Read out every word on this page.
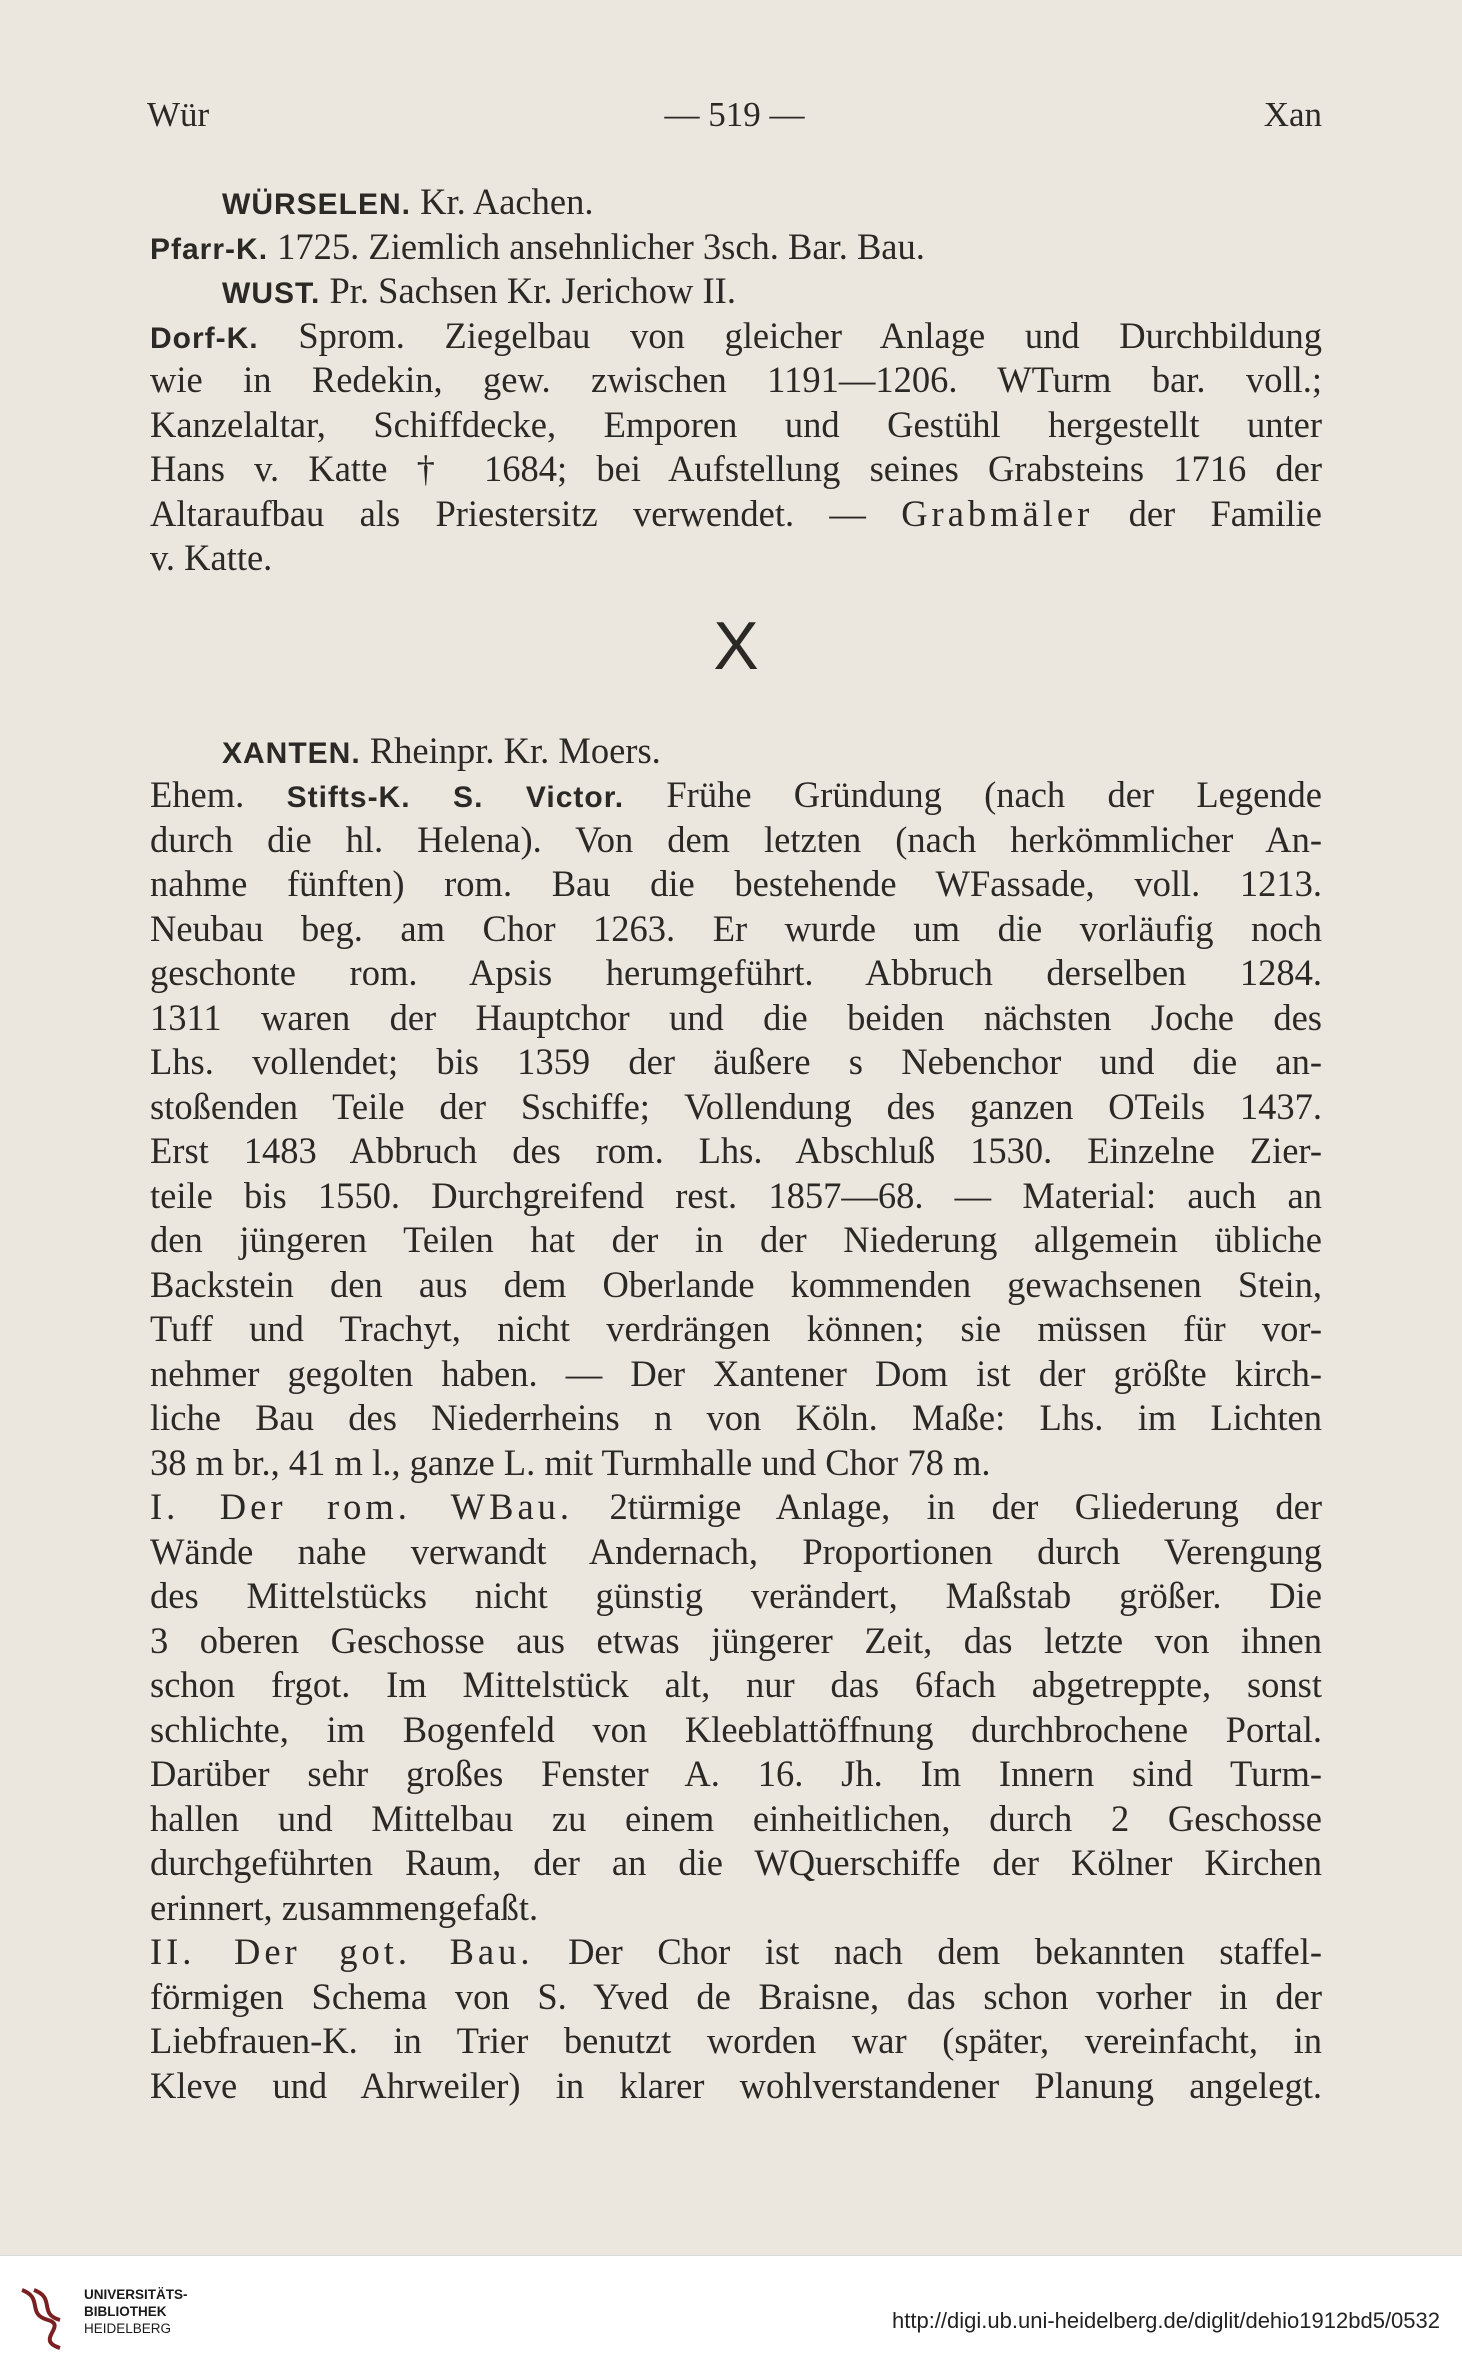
Wür	— 519 —	Xan
WÜRSELEN. Kr. Aachen.
Pfarr-K. 1725. Ziemlich ansehnlicher 3sch. Bar. Bau.
WUST. Pr. Sachsen Kr. Jerichow II.
Dorf-K. Sprom. Ziegelbau von gleicher Anlage und Durchbildung
wie in Redekin, gew. zwischen 1191—1206. WTurm bar. voll.;
Kanzelaltar, Schiffdecke, Emporen und Gestühl hergestellt unter
Hans v. Katte † 1684; bei Aufstellung seines Grabsteins 1716 der
Altaraufbau als Priestersitz verwendet. — Grabmäler der Familie
v. Katte.
X
XANTEN. Rheinpr. Kr. Moers.
Ehem. Stifts-K. S. Victor. Frühe Gründung (nach der Legende
durch die hl. Helena). Von dem letzten (nach herkömmlicher An-
nahme fünften) rom. Bau die bestehende WFassade, voll. 1213.
Neubau beg. am Chor 1263. Er wurde um die vorläufig noch
geschonte rom. Apsis herumgeführt. Abbruch derselben 1284.
1311 waren der Hauptchor und die beiden nächsten Joche des
Lhs. vollendet; bis 1359 der äußere s Nebenchor und die an-
stoßenden Teile der Sschiffe; Vollendung des ganzen OTeils 1437.
Erst 1483 Abbruch des rom. Lhs. Abschluß 1530. Einzelne Zier-
teile bis 1550. Durchgreifend rest. 1857—68. — Material: auch an
den jüngeren Teilen hat der in der Niederung allgemein übliche
Backstein den aus dem Oberlande kommenden gewachsenen Stein,
Tuff und Trachyt, nicht verdrängen können; sie müssen für vor-
nehmer gegolten haben. — Der Xantener Dom ist der größte kirch-
liche Bau des Niederrheins n von Köln. Maße: Lhs. im Lichten
38 m br., 41 m l., ganze L. mit Turmhalle und Chor 78 m.
I. Der rom. WBau. 2türmige Anlage, in der Gliederung der
Wände nahe verwandt Andernach, Proportionen durch Verengung
des Mittelstücks nicht günstig verändert, Maßstab größer. Die
3 oberen Geschosse aus etwas jüngerer Zeit, das letzte von ihnen
schon frgot. Im Mittelstück alt, nur das 6fach abgetreppte, sonst
schlichte, im Bogenfeld von Kleeblattöffnung durchbrochene Portal.
Darüber sehr großes Fenster A. 16. Jh. Im Innern sind Turm-
hallen und Mittelbau zu einem einheitlichen, durch 2 Geschosse
durchgeführten Raum, der an die WQuerschiffe der Kölner Kirchen
erinnert, zusammengefaßt.
II. Der got. Bau. Der Chor ist nach dem bekannten staffel-
förmigen Schema von S. Yved de Braisne, das schon vorher in der
Liebfrauen-K. in Trier benutzt worden war (später, vereinfacht, in
Kleve und Ahrweiler) in klarer wohlverstandener Planung angelegt.
UNIVERSITÄTS-
BIBLIOTHEK
HEIDELBERG	http://digi.ub.uni-heidelberg.de/diglit/dehio1912bd5/0532
